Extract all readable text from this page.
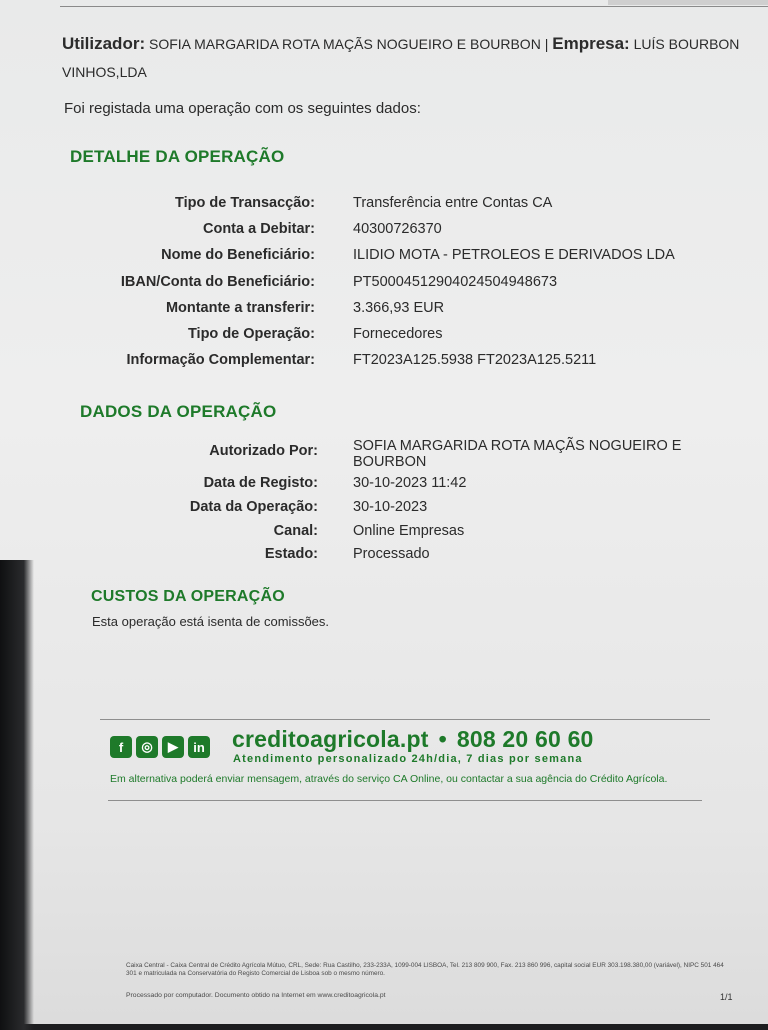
Utilizador: SOFIA MARGARIDA ROTA MAÇÃS NOGUEIRO E BOURBON | Empresa: LUÍS BOURBON VINHOS,LDA
Foi registada uma operação com os seguintes dados:
DETALHE DA OPERAÇÃO
Tipo de Transacção:	Transferência entre Contas CA
Conta a Debitar:	40300726370
Nome do Beneficiário:	ILIDIO MOTA - PETROLEOS E DERIVADOS LDA
IBAN/Conta do Beneficiário:	PT50004512904024504948673
Montante a transferir:	3.366,93 EUR
Tipo de Operação:	Fornecedores
Informação Complementar:	FT2023A125.5938 FT2023A125.5211
DADOS DA OPERAÇÃO
Autorizado Por: SOFIA MARGARIDA ROTA MAÇÃS NOGUEIRO E
BOURBON
Data de Registo: 30-10-2023 11:42
Data da Operação: 30-10-2023
Canal: Online Empresas
Estado: Processado
CUSTOS DA OPERAÇÃO
Esta operação está isenta de comissões.
f	◎	▶	in creditoagricola.pt • 808 20 60 60
Atendimento personalizado 24h/dia, 7 dias por semana
Em alternativa poderá enviar mensagem, através do serviço CA Online, ou contactar a sua agência do Crédito Agrícola.
Caixa Central - Caixa Central de Crédito Agrícola Mútuo, CRL, Sede: Rua Castilho, 233-233A, 1099-004 LISBOA, Tel. 213 809 900, Fax. 213 860 996, capital social EUR 303.198.380,00 (variável), NIPC 501 464 301 e matriculada na Conservatória do Registo Comercial de Lisboa sob o mesmo número.
Processado por computador. Documento obtido na Internet em www.creditoagricola.pt	1/1
